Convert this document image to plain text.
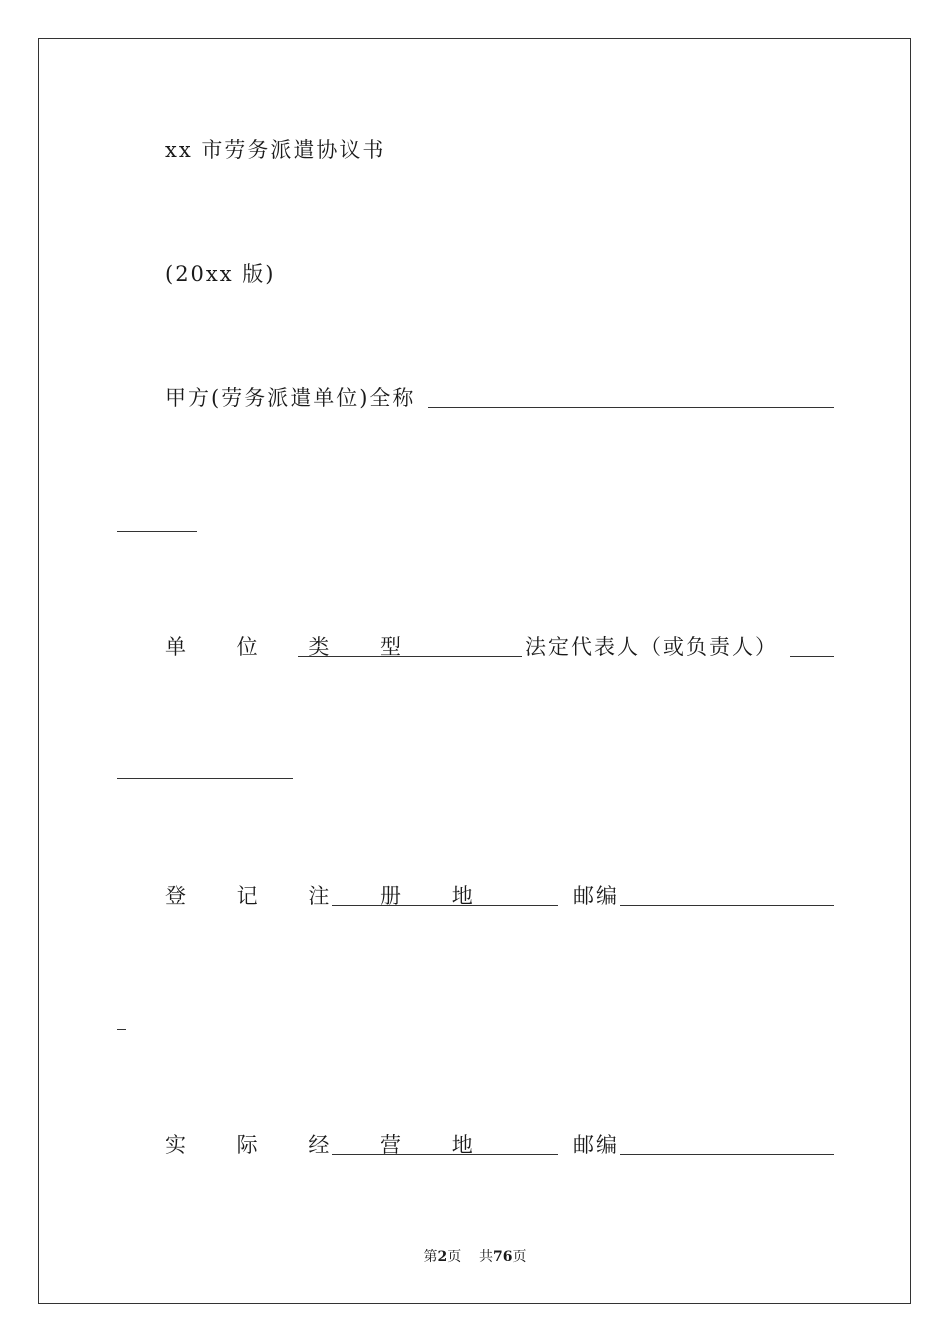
xx 市劳务派遣协议书
(20xx 版)
甲方(劳务派遣单位)全称
单 位 类 型	法定代表人（或负责人）
登 记 注 册 地	邮编
实 际 经 营 地	邮编
第2页 共76页
